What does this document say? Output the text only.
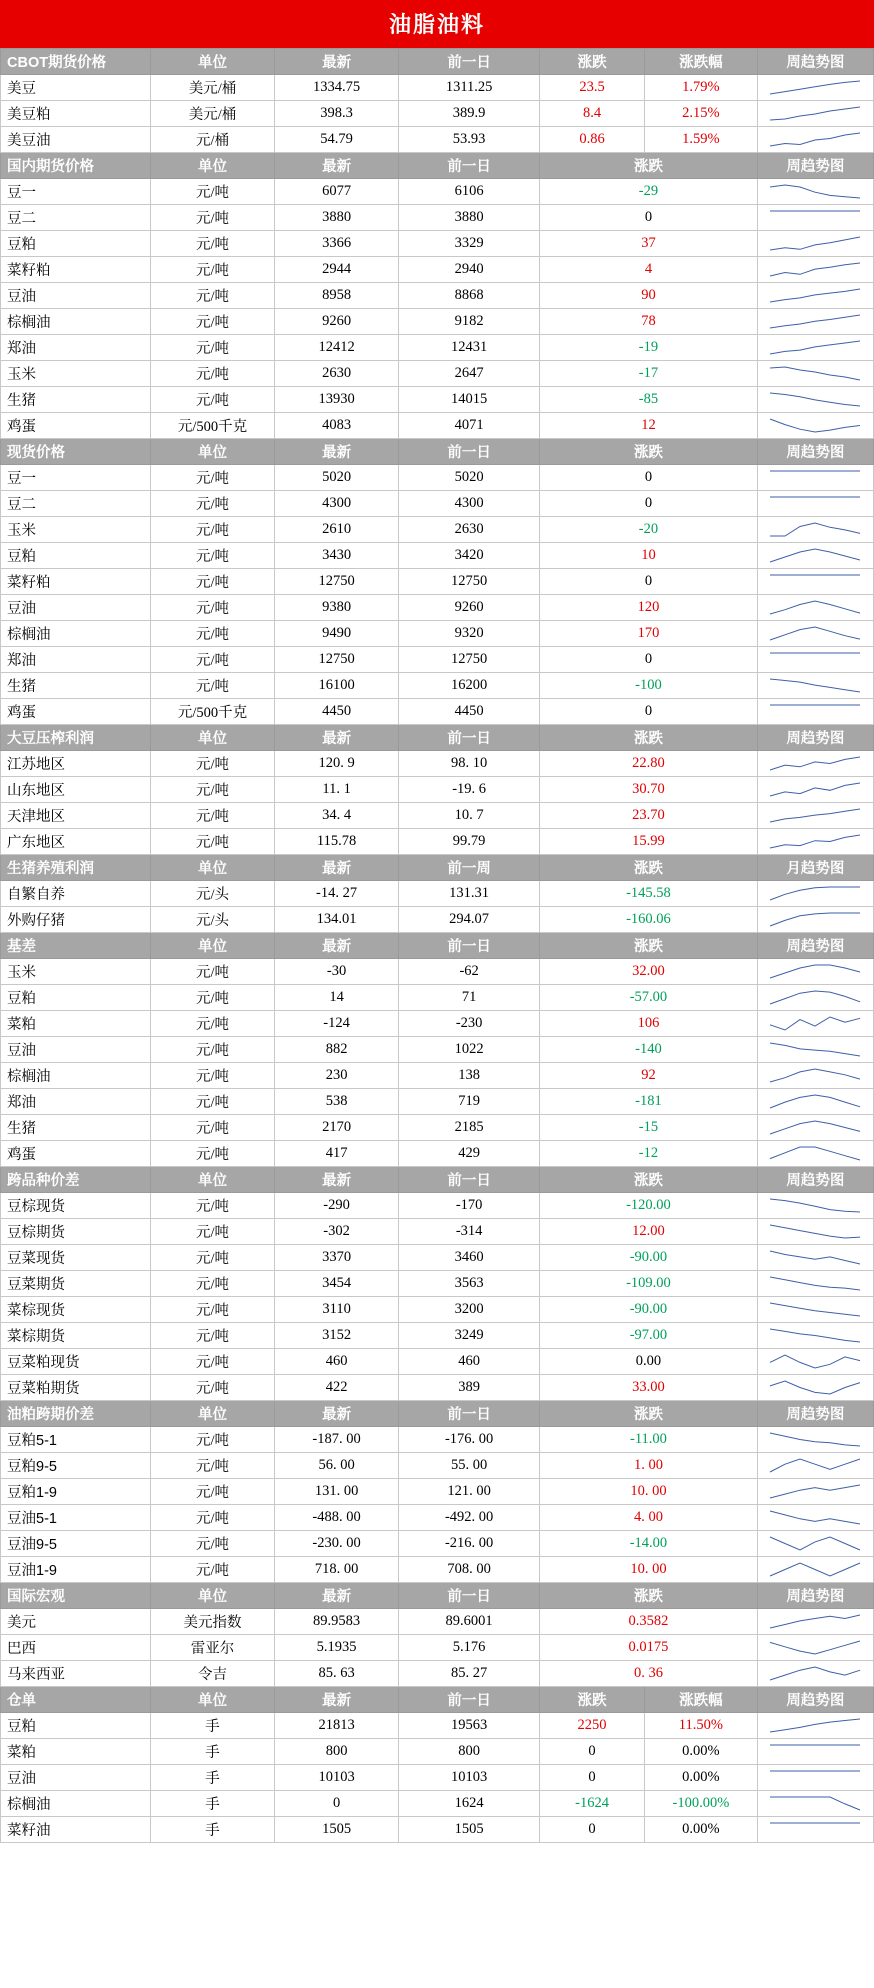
油脂油料
CBOT期货价格	单位	最新	前一日	涨跌	涨跌幅	周趋势图
美豆	美元/桶	1334.75	1311.25	23.5	1.79%	

美豆粕	美元/桶	398.3	389.9	8.4	2.15%	

美豆油	元/桶	54.79	53.93	0.86	1.59%	

国内期货价格	单位	最新	前一日	涨跌		周趋势图
豆一	元/吨	6077	6106	-29	

豆二	元/吨	3880	3880	0	

豆粕	元/吨	3366	3329	37	

菜籽粕	元/吨	2944	2940	4	

豆油	元/吨	8958	8868	90	

棕榈油	元/吨	9260	9182	78	

郑油	元/吨	12412	12431	-19	

玉米	元/吨	2630	2647	-17	

生猪	元/吨	13930	14015	-85	

鸡蛋	元/500千克	4083	4071	12	

现货价格	单位	最新	前一日	涨跌		周趋势图
豆一	元/吨	5020	5020	0	

豆二	元/吨	4300	4300	0	

玉米	元/吨	2610	2630	-20	

豆粕	元/吨	3430	3420	10	

菜籽粕	元/吨	12750	12750	0	

豆油	元/吨	9380	9260	120	

棕榈油	元/吨	9490	9320	170	

郑油	元/吨	12750	12750	0	

生猪	元/吨	16100	16200	-100	

鸡蛋	元/500千克	4450	4450	0	

大豆压榨利润	单位	最新	前一日	涨跌		周趋势图
江苏地区	元/吨	120. 9	98. 10	22.80	

山东地区	元/吨	11. 1	-19. 6	30.70	

天津地区	元/吨	34. 4	10. 7	23.70	

广东地区	元/吨	115.78	99.79	15.99	

生猪养殖利润	单位	最新	前一周	涨跌		月趋势图
自繁自养	元/头	-14. 27	131.31	-145.58	

外购仔猪	元/头	134.01	294.07	-160.06	

基差	单位	最新	前一日	涨跌		周趋势图
玉米	元/吨	-30	-62	32.00	

豆粕	元/吨	14	71	-57.00	

菜粕	元/吨	-124	-230	106	

豆油	元/吨	882	1022	-140	

棕榈油	元/吨	230	138	92	

郑油	元/吨	538	719	-181	

生猪	元/吨	2170	2185	-15	

鸡蛋	元/吨	417	429	-12	

跨品种价差	单位	最新	前一日	涨跌		周趋势图
豆棕现货	元/吨	-290	-170	-120.00	

豆棕期货	元/吨	-302	-314	12.00	

豆菜现货	元/吨	3370	3460	-90.00	

豆菜期货	元/吨	3454	3563	-109.00	

菜棕现货	元/吨	3110	3200	-90.00	

菜棕期货	元/吨	3152	3249	-97.00	

豆菜粕现货	元/吨	460	460	0.00	

豆菜粕期货	元/吨	422	389	33.00	

油粕跨期价差	单位	最新	前一日	涨跌		周趋势图
豆粕5-1	元/吨	-187. 00	-176. 00	-11.00	

豆粕9-5	元/吨	56. 00	55. 00	1. 00	

豆粕1-9	元/吨	131. 00	121. 00	10. 00	

豆油5-1	元/吨	-488. 00	-492. 00	4. 00	

豆油9-5	元/吨	-230. 00	-216. 00	-14.00	

豆油1-9	元/吨	718. 00	708. 00	10. 00	

国际宏观	单位	最新	前一日	涨跌		周趋势图
美元	美元指数	89.9583	89.6001	0.3582	

巴西	雷亚尔	5.1935	5.176	0.0175	

马来西亚	令吉	85. 63	85. 27	0. 36	

仓单	单位	最新	前一日	涨跌	涨跌幅	周趋势图
豆粕	手	21813	19563	2250	11.50%	

菜粕	手	800	800	0	0.00%	

豆油	手	10103	10103	0	0.00%	

棕榈油	手	0	1624	-1624	-100.00%	

菜籽油	手	1505	1505	0	0.00%	
